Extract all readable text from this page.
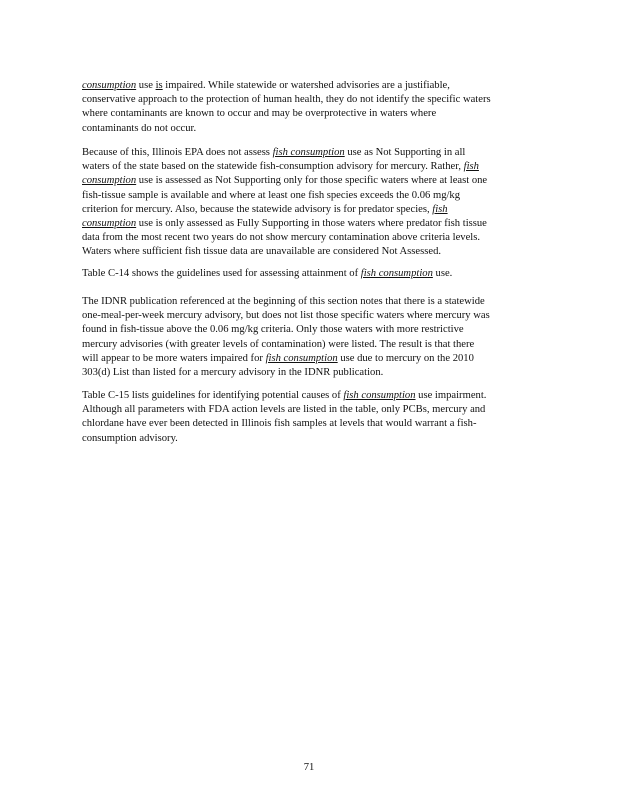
consumption use is impaired. While statewide or watershed advisories are a justifiable,
conservative approach to the protection of human health, they do not identify the specific waters
where contaminants are known to occur and may be overprotective in waters where
contaminants do not occur.

Because of this, Illinois EPA does not assess fish consumption use as Not Supporting in all
waters of the state based on the statewide fish-consumption advisory for mercury. Rather, fish
consumption use is assessed as Not Supporting only for those specific waters where at least one
fish-tissue sample is available and where at least one fish species exceeds the 0.06 mg/kg
criterion for mercury. Also, because the statewide advisory is for predator species, fish
consumption use is only assessed as Fully Supporting in those waters where predator fish tissue
data from the most recent two years do not show mercury contamination above criteria levels.
Waters where sufficient fish tissue data are unavailable are considered Not Assessed.

Table C-14 shows the guidelines used for assessing attainment of fish consumption use.

The IDNR publication referenced at the beginning of this section notes that there is a statewide
one-meal-per-week mercury advisory, but does not list those specific waters where mercury was
found in fish-tissue above the 0.06 mg/kg criteria. Only those waters with more restrictive
mercury advisories (with greater levels of contamination) were listed. The result is that there
will appear to be more waters impaired for fish consumption use due to mercury on the 2010
303(d) List than listed for a mercury advisory in the IDNR publication.

Table C-15 lists guidelines for identifying potential causes of fish consumption use impairment.
Although all parameters with FDA action levels are listed in the table, only PCBs, mercury and
chlordane have ever been detected in Illinois fish samples at levels that would warrant a fish-
consumption advisory.

71
